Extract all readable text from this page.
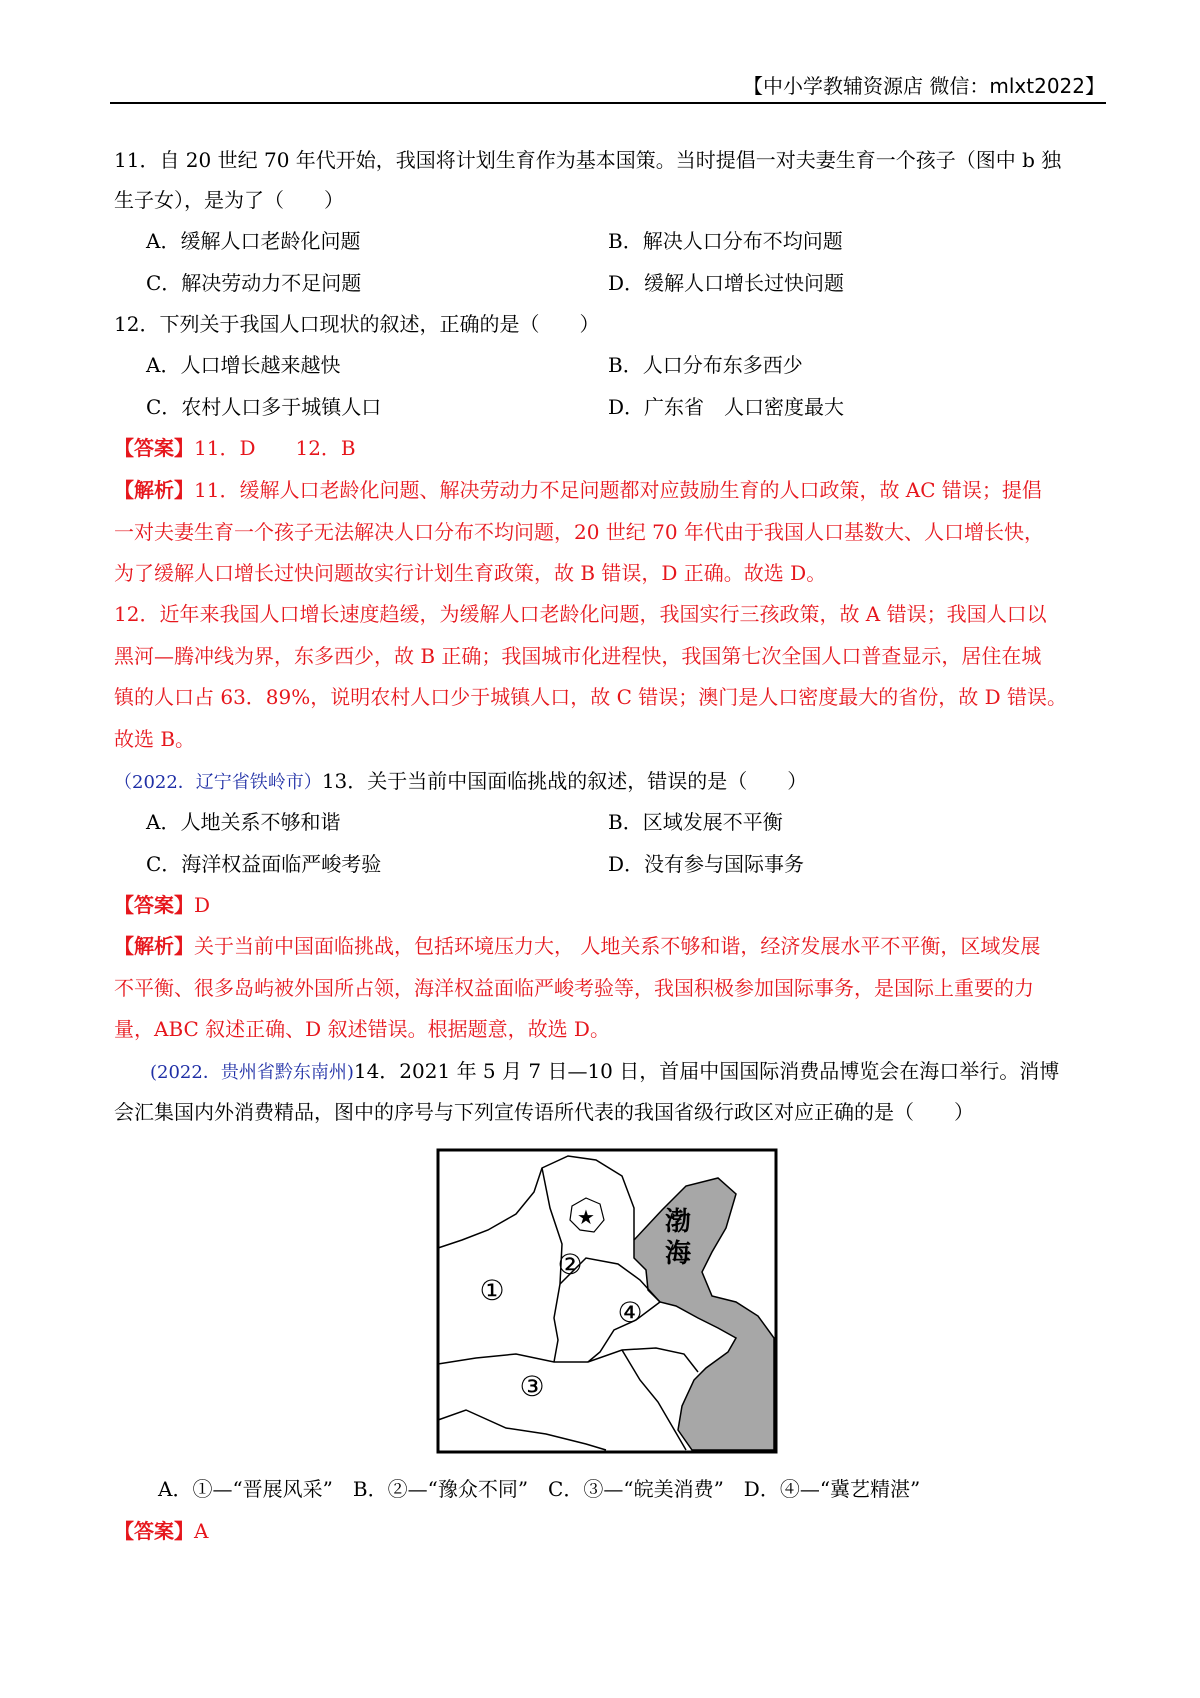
【中小学教辅资源店 微信：mlxt2022】
11．自 20 世纪 70 年代开始，我国将计划生育作为基本国策。当时提倡一对夫妻生育一个孩子（图中 b 独
生子女），是为了（　　）
A．缓解人口老龄化问题	B．解决人口分布不均问题
C．解决劳动力不足问题	D．缓解人口增长过快问题
12．下列关于我国人口现状的叙述，正确的是（　　）
A．人口增长越来越快	B．人口分布东多西少
C．农村人口多于城镇人口	D．广东省　人口密度最大
【答案】11．D　　12．B
【解析】11．缓解人口老龄化问题、解决劳动力不足问题都对应鼓励生育的人口政策，故 AC 错误；提倡
一对夫妻生育一个孩子无法解决人口分布不均问题，20 世纪 70 年代由于我国人口基数大、人口增长快，
为了缓解人口增长过快问题故实行计划生育政策，故 B 错误，D 正确。故选 D。
12．近年来我国人口增长速度趋缓，为缓解人口老龄化问题，我国实行三孩政策，故 A 错误；我国人口以
黑河—腾冲线为界，东多西少，故 B 正确；我国城市化进程快，我国第七次全国人口普查显示，居住在城
镇的人口占 63．89%，说明农村人口少于城镇人口，故 C 错误；澳门是人口密度最大的省份，故 D 错误。
故选 B。
（2022．辽宁省铁岭市）13．关于当前中国面临挑战的叙述，错误的是（　　）
A．人地关系不够和谐	B．区域发展不平衡
C．海洋权益面临严峻考验	D．没有参与国际事务
【答案】D
【解析】关于当前中国面临挑战，包括环境压力大， 人地关系不够和谐，经济发展水平不平衡，区域发展
不平衡、很多岛屿被外国所占领，海洋权益面临严峻考验等，我国积极参加国际事务，是国际上重要的力
量，ABC 叙述正确、D 叙述错误。根据题意，故选 D。
(2022．贵州省黔东南州)14．2021 年 5 月 7 日—10 日，首届中国国际消费品博览会在海口举行。消博
会汇集国内外消费精品，图中的序号与下列宣传语所代表的我国省级行政区对应正确的是（　　）
★	渤
海
①
②
③
④
A．①—“晋展风采”　B．②—“豫众不同”　C．③—“皖美消费”　D．④—“冀艺精湛”
【答案】A
